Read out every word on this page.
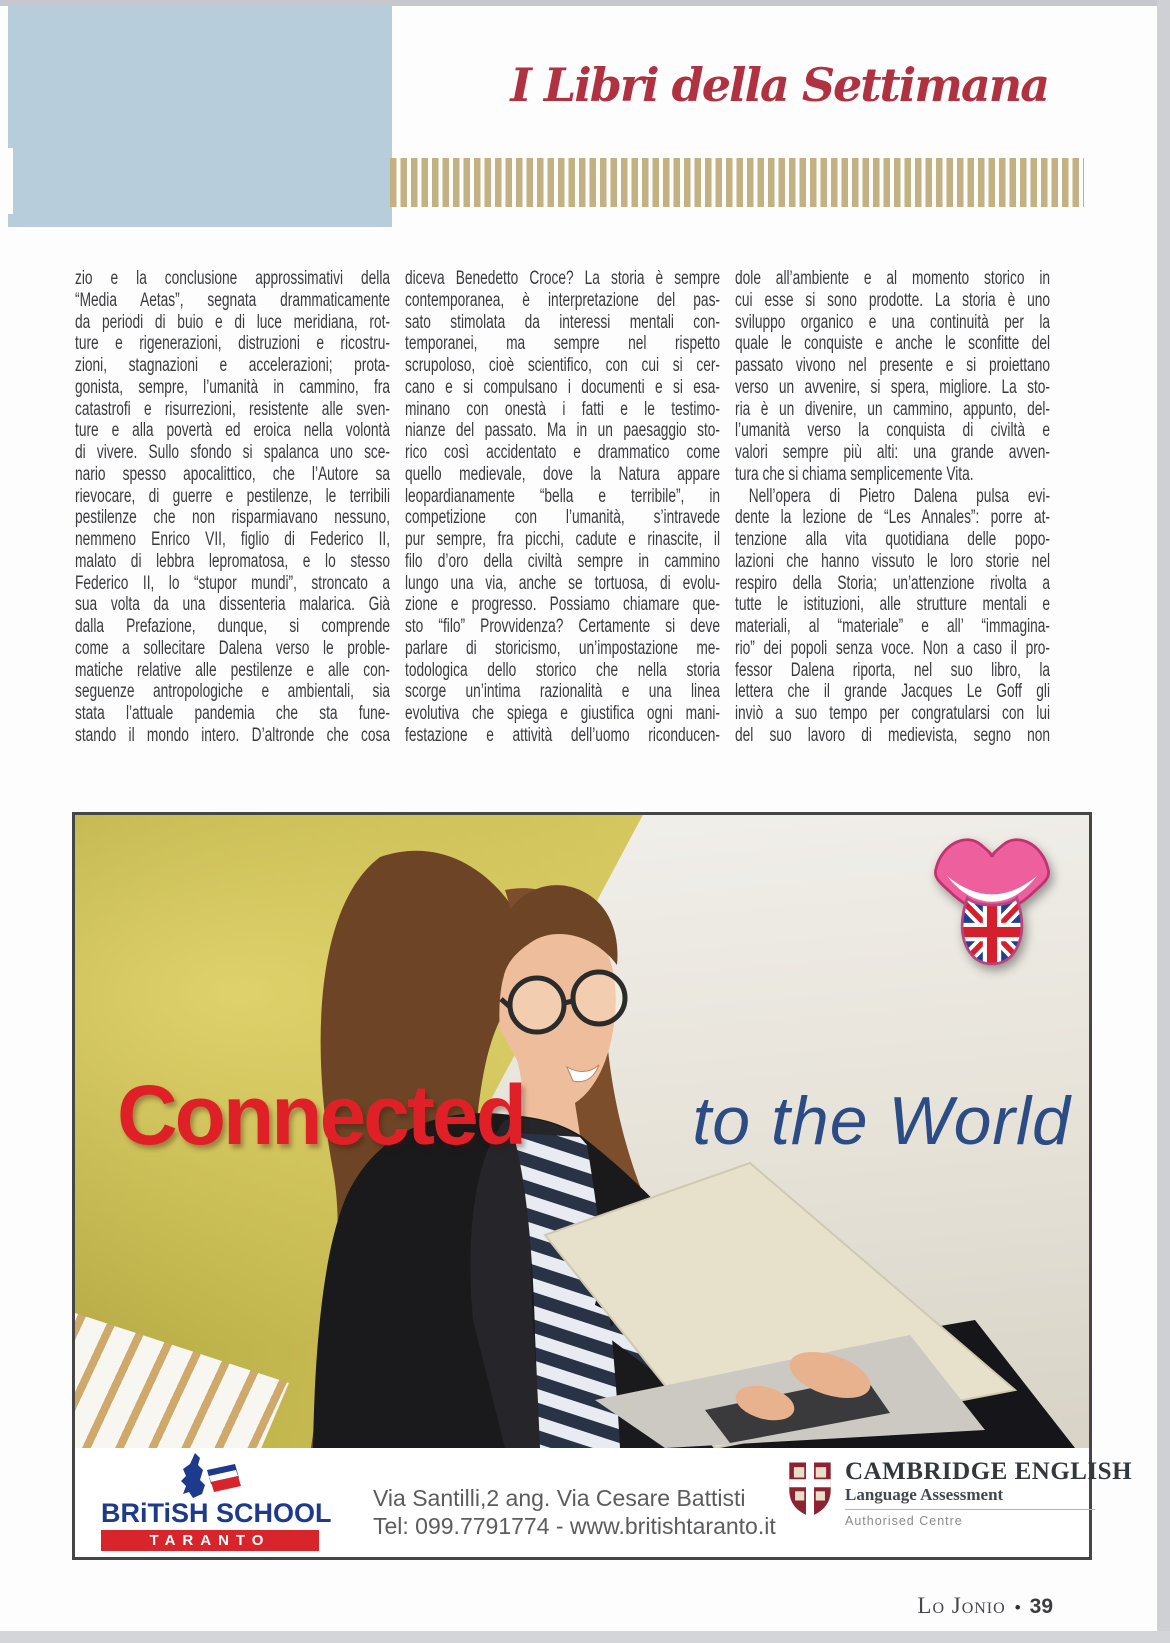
I Libri della Settimana
zio e la conclusione approssimativi della
“Media Aetas”, segnata drammaticamente
da periodi di buio e di luce meridiana, rot-
ture e rigenerazioni, distruzioni e ricostru-
zioni, stagnazioni e accelerazioni; prota-
gonista, sempre, l’umanità in cammino, fra
catastrofi e risurrezioni, resistente alle sven-
ture e alla povertà ed eroica nella volontà
di vivere. Sullo sfondo si spalanca uno sce-
nario spesso apocalittico, che l’Autore sa
rievocare, di guerre e pestilenze, le terribili
pestilenze che non risparmiavano nessuno,
nemmeno Enrico VII, figlio di Federico II,
malato di lebbra lepromatosa, e lo stesso
Federico II, lo “stupor mundi”, stroncato a
sua volta da una dissenteria malarica. Già
dalla Prefazione, dunque, si comprende
come a sollecitare Dalena verso le proble-
matiche relative alle pestilenze e alle con-
seguenze antropologiche e ambientali, sia
stata l’attuale pandemia che sta fune-
stando il mondo intero. D’altronde che cosa
diceva Benedetto Croce? La storia è sempre
contemporanea, è interpretazione del pas-
sato stimolata da interessi mentali con-
temporanei, ma sempre nel rispetto
scrupoloso, cioè scientifico, con cui si cer-
cano e si compulsano i documenti e si esa-
minano con onestà i fatti e le testimo-
nianze del passato. Ma in un paesaggio sto-
rico così accidentato e drammatico come
quello medievale, dove la Natura appare
leopardianamente “bella e terribile”, in
competizione con l’umanità, s’intravede
pur sempre, fra picchi, cadute e rinascite, il
filo d’oro della civiltà sempre in cammino
lungo una via, anche se tortuosa, di evolu-
zione e progresso. Possiamo chiamare que-
sto “filo” Provvidenza? Certamente si deve
parlare di storicismo, un’impostazione me-
todologica dello storico che nella storia
scorge un’intima razionalità e una linea
evolutiva che spiega e giustifica ogni mani-
festazione e attività dell’uomo riconducen-
dole all’ambiente e al momento storico in
cui esse si sono prodotte. La storia è uno
sviluppo organico e una continuità per la
quale le conquiste e anche le sconfitte del
passato vivono nel presente e si proiettano
verso un avvenire, si spera, migliore. La sto-
ria è un divenire, un cammino, appunto, del-
l’umanità verso la conquista di civiltà e
valori sempre più alti: una grande avven-
tura che si chiama semplicemente Vita.
 Nell’opera di Pietro Dalena pulsa evi-
dente la lezione de “Les Annales”: porre at-
tenzione alla vita quotidiana delle popo-
lazioni che hanno vissuto le loro storie nel
respiro della Storia; un’attenzione rivolta a
tutte le istituzioni, alle strutture mentali e
materiali, al “materiale” e all’ “immagina-
rio” dei popoli senza voce. Non a caso il pro-
fessor Dalena riporta, nel suo libro, la
lettera che il grande Jacques Le Goff gli
inviò a suo tempo per congratularsi con lui
del suo lavoro di medievista, segno non
Connected to the World
BRiTiSH SCHOOL
TARANTO
Via Santilli,2 ang. Via Cesare Battisti
Tel: 099.7791774 - www.britishtaranto.it
CAMBRIDGE ENGLISH
Language Assessment
Authorised Centre
Lo Jonio • 39
